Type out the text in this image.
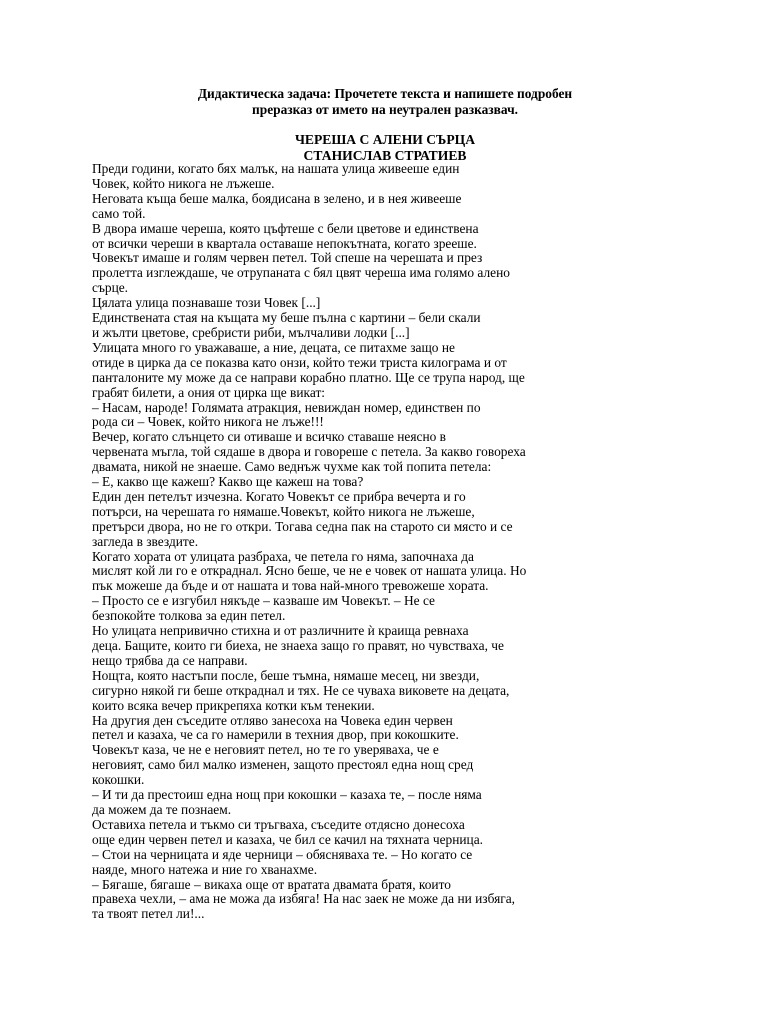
Дидактическа задача: Прочетете текста и напишете подробен
преразказ от името на неутрален разказвач.
ЧЕРЕША С АЛЕНИ СЪРЦА
СТАНИСЛАВ СТРАТИЕВ
Преди години, когато бях малък, на нашата улица живееше един
Човек, който никога не лъжеше.
Неговата къща беше малка, боядисана в зелено, и в нея живееше
само той.
В двора имаше череша, която цъфтеше с бели цветове и единствена
от всички череши в квартала оставаше непокътната, когато зрееше.
Човекът имаше и голям червен петел. Той спеше на черешата и през
пролетта изглеждаше, че отрупаната с бял цвят череша има голямо алено
сърце.
Цялата улица познаваше този Човек [...]
Единствената стая на къщата му беше пълна с картини – бели скали
и жълти цветове, сребристи риби, мълчаливи лодки [...]
Улицата много го уважаваше, а ние, децата, се питахме защо не
отиде в цирка да се показва като онзи, който тежи триста килограма и от
панталоните му може да се направи корабно платно. Ще се трупа народ, ще
грабят билети, а ония от цирка ще викат:
– Насам, народе! Голямата атракция, невиждан номер, единствен по
рода си – Човек, който никога не лъже!!!
Вечер, когато слънцето си отиваше и всичко ставаше неясно в
червената мъгла, той сядаше в двора и говореше с петела. За какво говореха
двамата, никой не знаеше. Само веднъж чухме как той попита петела:
– Е, какво ще кажеш? Какво ще кажеш на това?
Един ден петелът изчезна. Когато Човекът се прибра вечерта и го
потърси, на черешата го нямаше.Човекът, който никога не лъжеше,
претърси двора, но не го откри. Тогава седна пак на старото си място и се
загледа в звездите.
Когато хората от улицата разбраха, че петела го няма, започнаха да
мислят кой ли го е откраднал. Ясно беше, че не е човек от нашата улица. Но
пък можеше да бъде и от нашата и това най-много тревожеше хората.
– Просто се е изгубил някъде – казваше им Човекът. – Не се
безпокойте толкова за един петел.
Но улицата непривично стихна и от различните ѝ краища ревнаха
деца. Бащите, които ги биеха, не знаеха защо го правят, но чувстваха, че
нещо трябва да се направи.
Нощта, която настъпи после, беше тъмна, нямаше месец, ни звезди,
сигурно някой ги беше откраднал и тях. Не се чуваха виковете на децата,
които всяка вечер прикрепяха котки към тенекии.
На другия ден съседите отляво занесоха на Човека един червен
петел и казаха, че са го намерили в техния двор, при кокошките.
Човекът каза, че не е неговият петел, но те го уверяваха, че е
неговият, само бил малко изменен, защото престоял една нощ сред
кокошки.
– И ти да престоиш една нощ при кокошки – казаха те, – после няма
да можем да те познаем.
Оставиха петела и тъкмо си тръгваха, съседите отдясно донесоха
още един червен петел и казаха, че бил се качил на тяхната черница.
– Стои на черницата и яде черници – обясняваха те. – Но когато се
наяде, много натежа и ние го хванахме.
– Бягаше, бягаше – викаха още от вратата двамата братя, които
правеха чехли, – ама не можа да избяга! На нас заек не може да ни избяга,
та твоят петел ли!...
